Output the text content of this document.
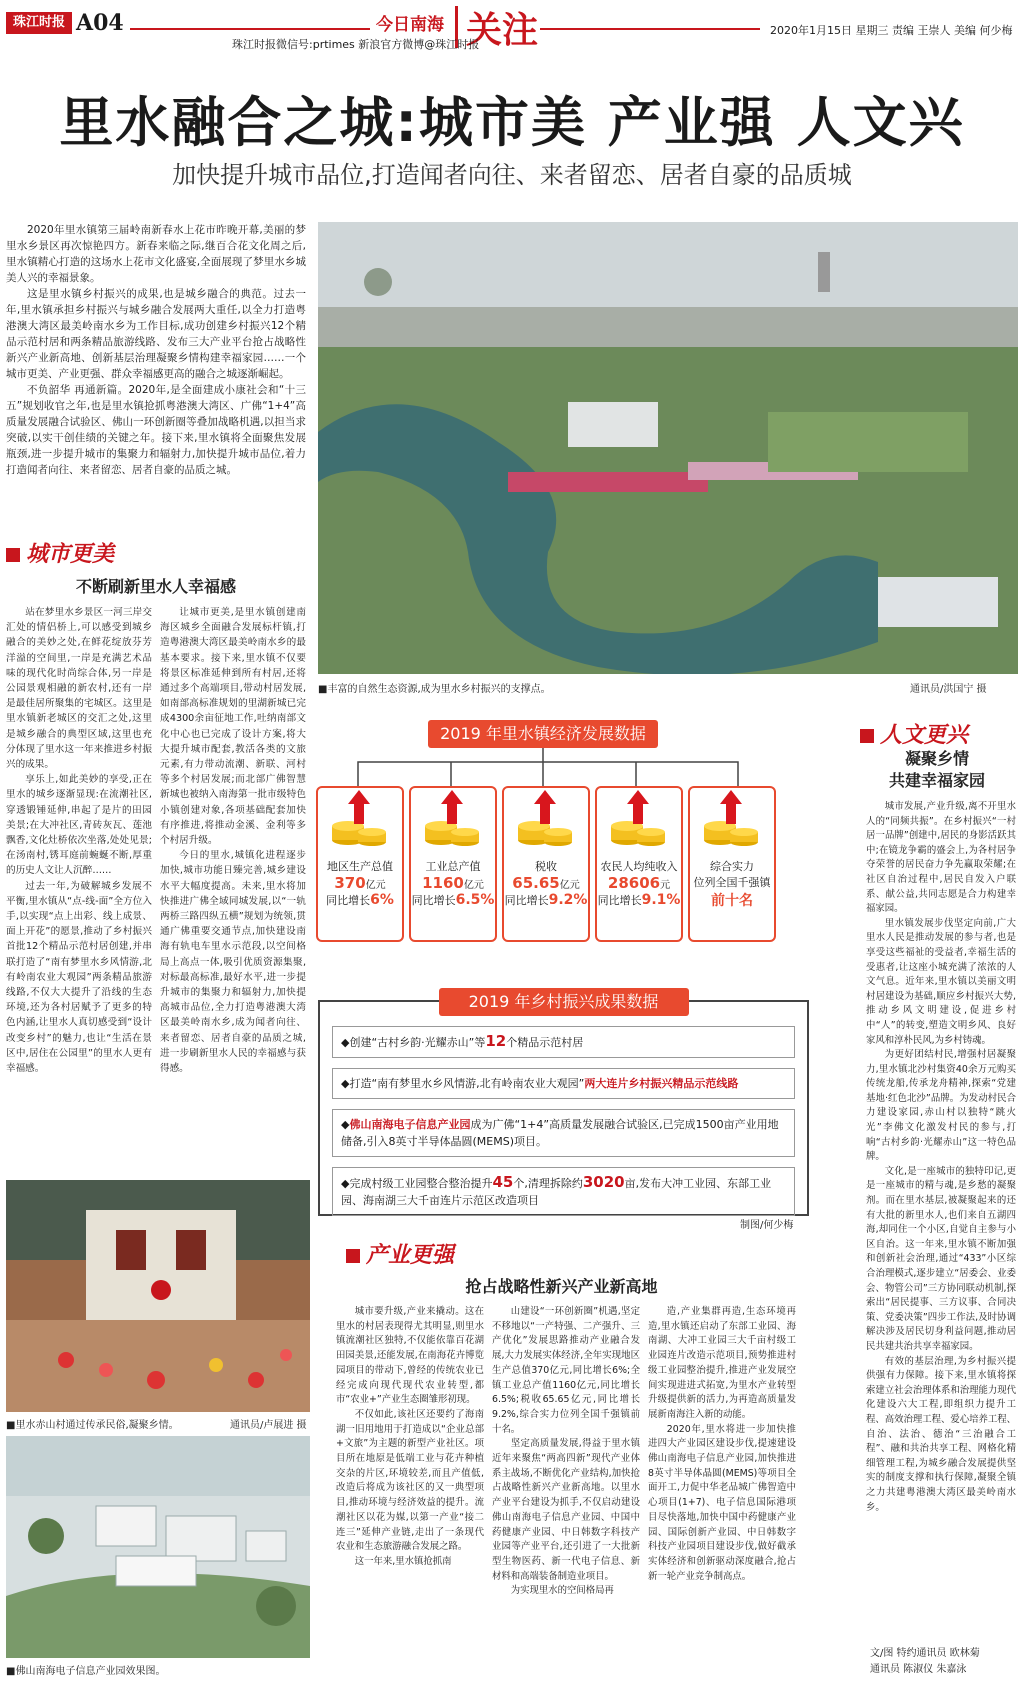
珠江时报 A04	今日南海 关注	2020年1月15日 星期三 责编 王崇人 美编 何少梅
珠江时报微信号:prtimes 新浪官方微博@珠江时报
里水融合之城:城市美 产业强 人文兴
加快提升城市品位,打造闻者向往、来者留恋、居者自豪的品质城

2020年里水镇第三届岭南新春水上花市昨晚开幕,美丽的梦里水乡景区再次惊艳四方。新春来临之际,继百合花文化周之后,里水镇精心打造的这场水上花市文化盛宴,全面展现了梦里水乡城美人兴的幸福景象。

这是里水镇乡村振兴的成果,也是城乡融合的典范。过去一年,里水镇承担乡村振兴与城乡融合发展两大重任,以全力打造粤港澳大湾区最美岭南水乡为工作目标,成功创建乡村振兴12个精品示范村居和两条精品旅游线路、发布三大产业平台抢占战略性新兴产业新高地、创新基层治理凝聚乡情构建幸福家园……一个城市更美、产业更强、群众幸福感更高的融合之城逐渐崛起。

不负韶华 再通新篇。2020年,是全面建成小康社会和“十三五”规划收官之年,也是里水镇抢抓粤港澳大湾区、广佛“1+4”高质量发展融合试验区、佛山一环创新圈等叠加战略机遇,以担当求突破,以实干创佳绩的关键之年。接下来,里水镇将全面聚焦发展瓶颈,进一步提升城市的集聚力和辐射力,加快提升城市品位,着力打造闻者向往、来者留恋、居者自豪的品质之城。

城市更美
不断刷新里水人幸福感

站在梦里水乡景区一河三岸交汇处的情侣桥上,可以感受到城乡融合的美妙之处,在鲜花绽放芬芳洋溢的空间里,一岸是充满艺术品味的现代化时尚综合体,另一岸是公园景观相融的新农村,还有一岸是最佳居所聚集的宅城区。这里是里水镇新老城区的交汇之处,这里是城乡融合的典型区域,这里也充分体现了里水这一年来推进乡村振兴的成果。

享乐上,如此美妙的享受,正在里水的城乡逐渐显现:在流潮社区,穿透锻锤延伸,串起了是片的田园美景;在大冲社区,青砖灰瓦、莲池飘香,文化灶桥依次坐落,处处见景;在汤南村,锈耳庭前蜿蜒不断,厚重的历史人文让人沉醉……

过去一年,为破解城乡发展不平衡,里水镇从“点-线-面”全方位入手,以实现“点上出彩、线上成景、面上开花”的愿景,推动了乡村振兴首批12个精品示范村居创建,并串联打造了“南有梦里水乡风情游,北有岭南农业大观园”两条精品旅游线路,不仅大大提升了沿线的生态环境,还为各村居赋予了更多的特色内涵,让里水人真切感受到“设计改变乡村”的魅力,也让“生活在景区中,居住在公园里”的里水人更有幸福感。

让城市更美,是里水镇创建南海区城乡全面融合发展标杆镇,打造粤港澳大湾区最美岭南水乡的最基本要求。接下来,里水镇不仅要将景区标准延伸到所有村居,还将通过多个高端项目,带动村居发展,如南部高标准规划的里湖新城已完成4300余亩征地工作,吐纳南部文化中心也已完成了设计方案,将大大提升城市配套,教活各类的文旅元素,有力带动流潮、新联、河村等多个村居发展;而北部广佛智慧新城也被纳入南海第一批市级特色小镇创建对象,各项基础配套加快有序推进,将推动金溪、金利等多个村居升级。

今日的里水,城镇化进程逐步加快,城市功能日臻完善,城乡建设水平大幅度提高。未来,里水将加快推进广佛全域同城发展,以“一轨两桥三路四纵五横”规划为统领,贯通广佛重要交通节点,加快建设南海有轨电车里水示范段,以空间格局上高点一体,吸引优质资源集聚,对标最高标准,最好水平,进一步提升城市的集聚力和辐射力,加快提高城市品位,全力打造粤港澳大湾区最美岭南水乡,成为闻者向往、来者留恋、居者自豪的品质之城,进一步刷新里水人民的幸福感与获得感。

■里水赤山村通过传承民俗,凝聚乡情。	通讯员/卢展进 摄
■佛山南海电子信息产业园效果图。
■丰富的自然生态资源,成为里水乡村振兴的支撑点。	通讯员/洪国宁 摄
2019 年里水镇经济发展数据
地区生产总值
370亿元
同比增长6%
工业总产值
1160亿元
同比增长6.5%
税收
65.65亿元
同比增长9.2%
农民人均纯收入
28606元
同比增长9.1%
综合实力
位列全国千强镇
前十名
2019 年乡村振兴成果数据
◆创建“古村乡韵·光耀赤山”等12个精品示范村居
◆打造“南有梦里水乡风情游,北有岭南农业大观园”两大连片乡村振兴精品示范线路
◆佛山南海电子信息产业园成为广佛“1+4”高质量发展融合试验区,已完成1500亩产业用地储备,引入8英寸半导体晶圆(MEMS)项目。
◆完成村级工业园整合整治提升45个,清理拆除约3020亩,发布大冲工业园、东部工业园、海南湖三大千亩连片示范区改造项目
制图/何少梅
产业更强
抢占战略性新兴产业新高地

城市要升级,产业来撬动。这在里水的村居表现得尤其明显,则里水镇流潮社区独特,不仅能依靠百花湖田园美景,还能发展,在南海花卉博览园项目的带动下,曾经的传统农业已经完成向现代现代农业转型,都市“农业+”产业生态圈雏形初现。

不仅如此,该社区还要约了海南湖一旧用地用于打造成以“企业总部+文旅”为主题的新型产业社区。项目所在地原是低端工业与花卉种植交杂的片区,环境较差,而且产值低,改造后将成为该社区的又一典型项目,推动环境与经济效益的提升。流潮社区以花为媒,以第一产业“接二连三”延伸产业链,走出了一条现代农业和生态旅游融合发展之路。

这一年来,里水镇抢抓南

山建设“一环创新圈”机遇,坚定不移地以“一产特强、二产强升、三产优化”发展思路推动产业融合发展,大力发展实体经济,全年实现地区生产总值370亿元,同比增长6%;全镇工业总产值1160亿元,同比增长6.5%;税收65.65亿元,同比增长9.2%,综合实力位列全国千强镇前十名。

坚定高质量发展,得益于里水镇近年来聚焦“两高四新”现代产业体系主战场,不断优化产业结构,加快抢占战略性新兴产业新高地。以里水产业平台建设为抓手,不仅启动建设佛山南海电子信息产业园、中国中药健康产业园、中日韩数字科技产业园等产业平台,还引进了一大批新型生物医药、新一代电子信息、新材料和高端装备制造业项目。

为实现里水的空间格局再

造,产业集群再造,生态环境再造,里水镇还启动了东部工业园、海南湖、大冲工业园三大千亩村级工业园连片改造示范项目,预势推进村级工业园整治提升,推进产业发展空间实现进进式拓宽,为里水产业转型升级提供新的活力,为再造高质量发展新南海注入新的动能。

2020年,里水将进一步加快推进四大产业园区建设步伐,提速建设佛山南海电子信息产业园,加快推进8英寸半导体晶圆(MEMS)等项目全面开工,力促中华老品城广佛智造中心项目(1+7)、电子信息国际港项目尽快落地,加快中国中药健康产业园、国际创新产业园、中日韩数字科技产业园项目建设步伐,做好截承实体经济和创新驱动深度融合,抢占新一轮产业竞争制高点。

人文更兴
凝聚乡情
共建幸福家园

城市发展,产业升级,离不开里水人的“同频共振”。在乡村振兴“一村居一品牌”创建中,居民的身影活跃其中;在镜龙争霸的盛会上,为各村居争夺荣誉的居民奋力争先赢取荣耀;在社区自治过程中,居民自发入户联系、献公益,共同志愿是合力构建幸福家园。

里水镇发展步伐坚定向前,广大里水人民是推动发展的参与者,也是享受这些福祉的受益者,幸福生活的受惠者,让这座小城充满了浓浓的人文气息。近年来,里水镇以美丽文明村居建设为基础,顺应乡村振兴大势,推动乡风文明建设,促进乡村中“人”的转变,塑造文明乡风、良好家风和淳朴民风,为乡村铸魂。

为更好团结村民,增强村居凝聚力,里水镇北沙村集资40余万元购买传统龙船,传承龙舟精神,探索“党建基地·红色北沙”品牌。为发动村民合力建设家园,赤山村以独特“跳火光”李佛文化激发村民的参与,打响“古村乡韵·光耀赤山”这一特色品牌。

文化,是一座城市的独特印记,更是一座城市的精与魂,是乡愁的凝聚剂。而在里水基层,被凝聚起来的还有大批的新里水人,也们来自五湖四海,却同住一个小区,自觉自主参与小区自治。这一年来,里水镇不断加强和创新社会治理,通过“433”小区综合治理模式,逐步建立“居委会、业委会、物管公司”三方协同联动机制,探索出“居民提事、三方议事、合同决策、党委决策”四步工作法,及时协调解决涉及居民切身利益问题,推动居民共建共治共享幸福家园。

有效的基层治理,为乡村振兴提供强有力保障。接下来,里水镇将探索建立社会治理体系和治理能力现代化建设六大工程,即组织力提升工程、高效治理工程、爱心培养工程、自治、法治、德治“三治融合工程”、融和共治共享工程、网格化精细管理工程,为城乡融合发展提供坚实的制度支撑和执行保障,凝聚全镇之力共建粤港澳大湾区最美岭南水乡。

文/图 特约通讯员 欧林菊
通讯员 陈淑仪 朱嘉泳
